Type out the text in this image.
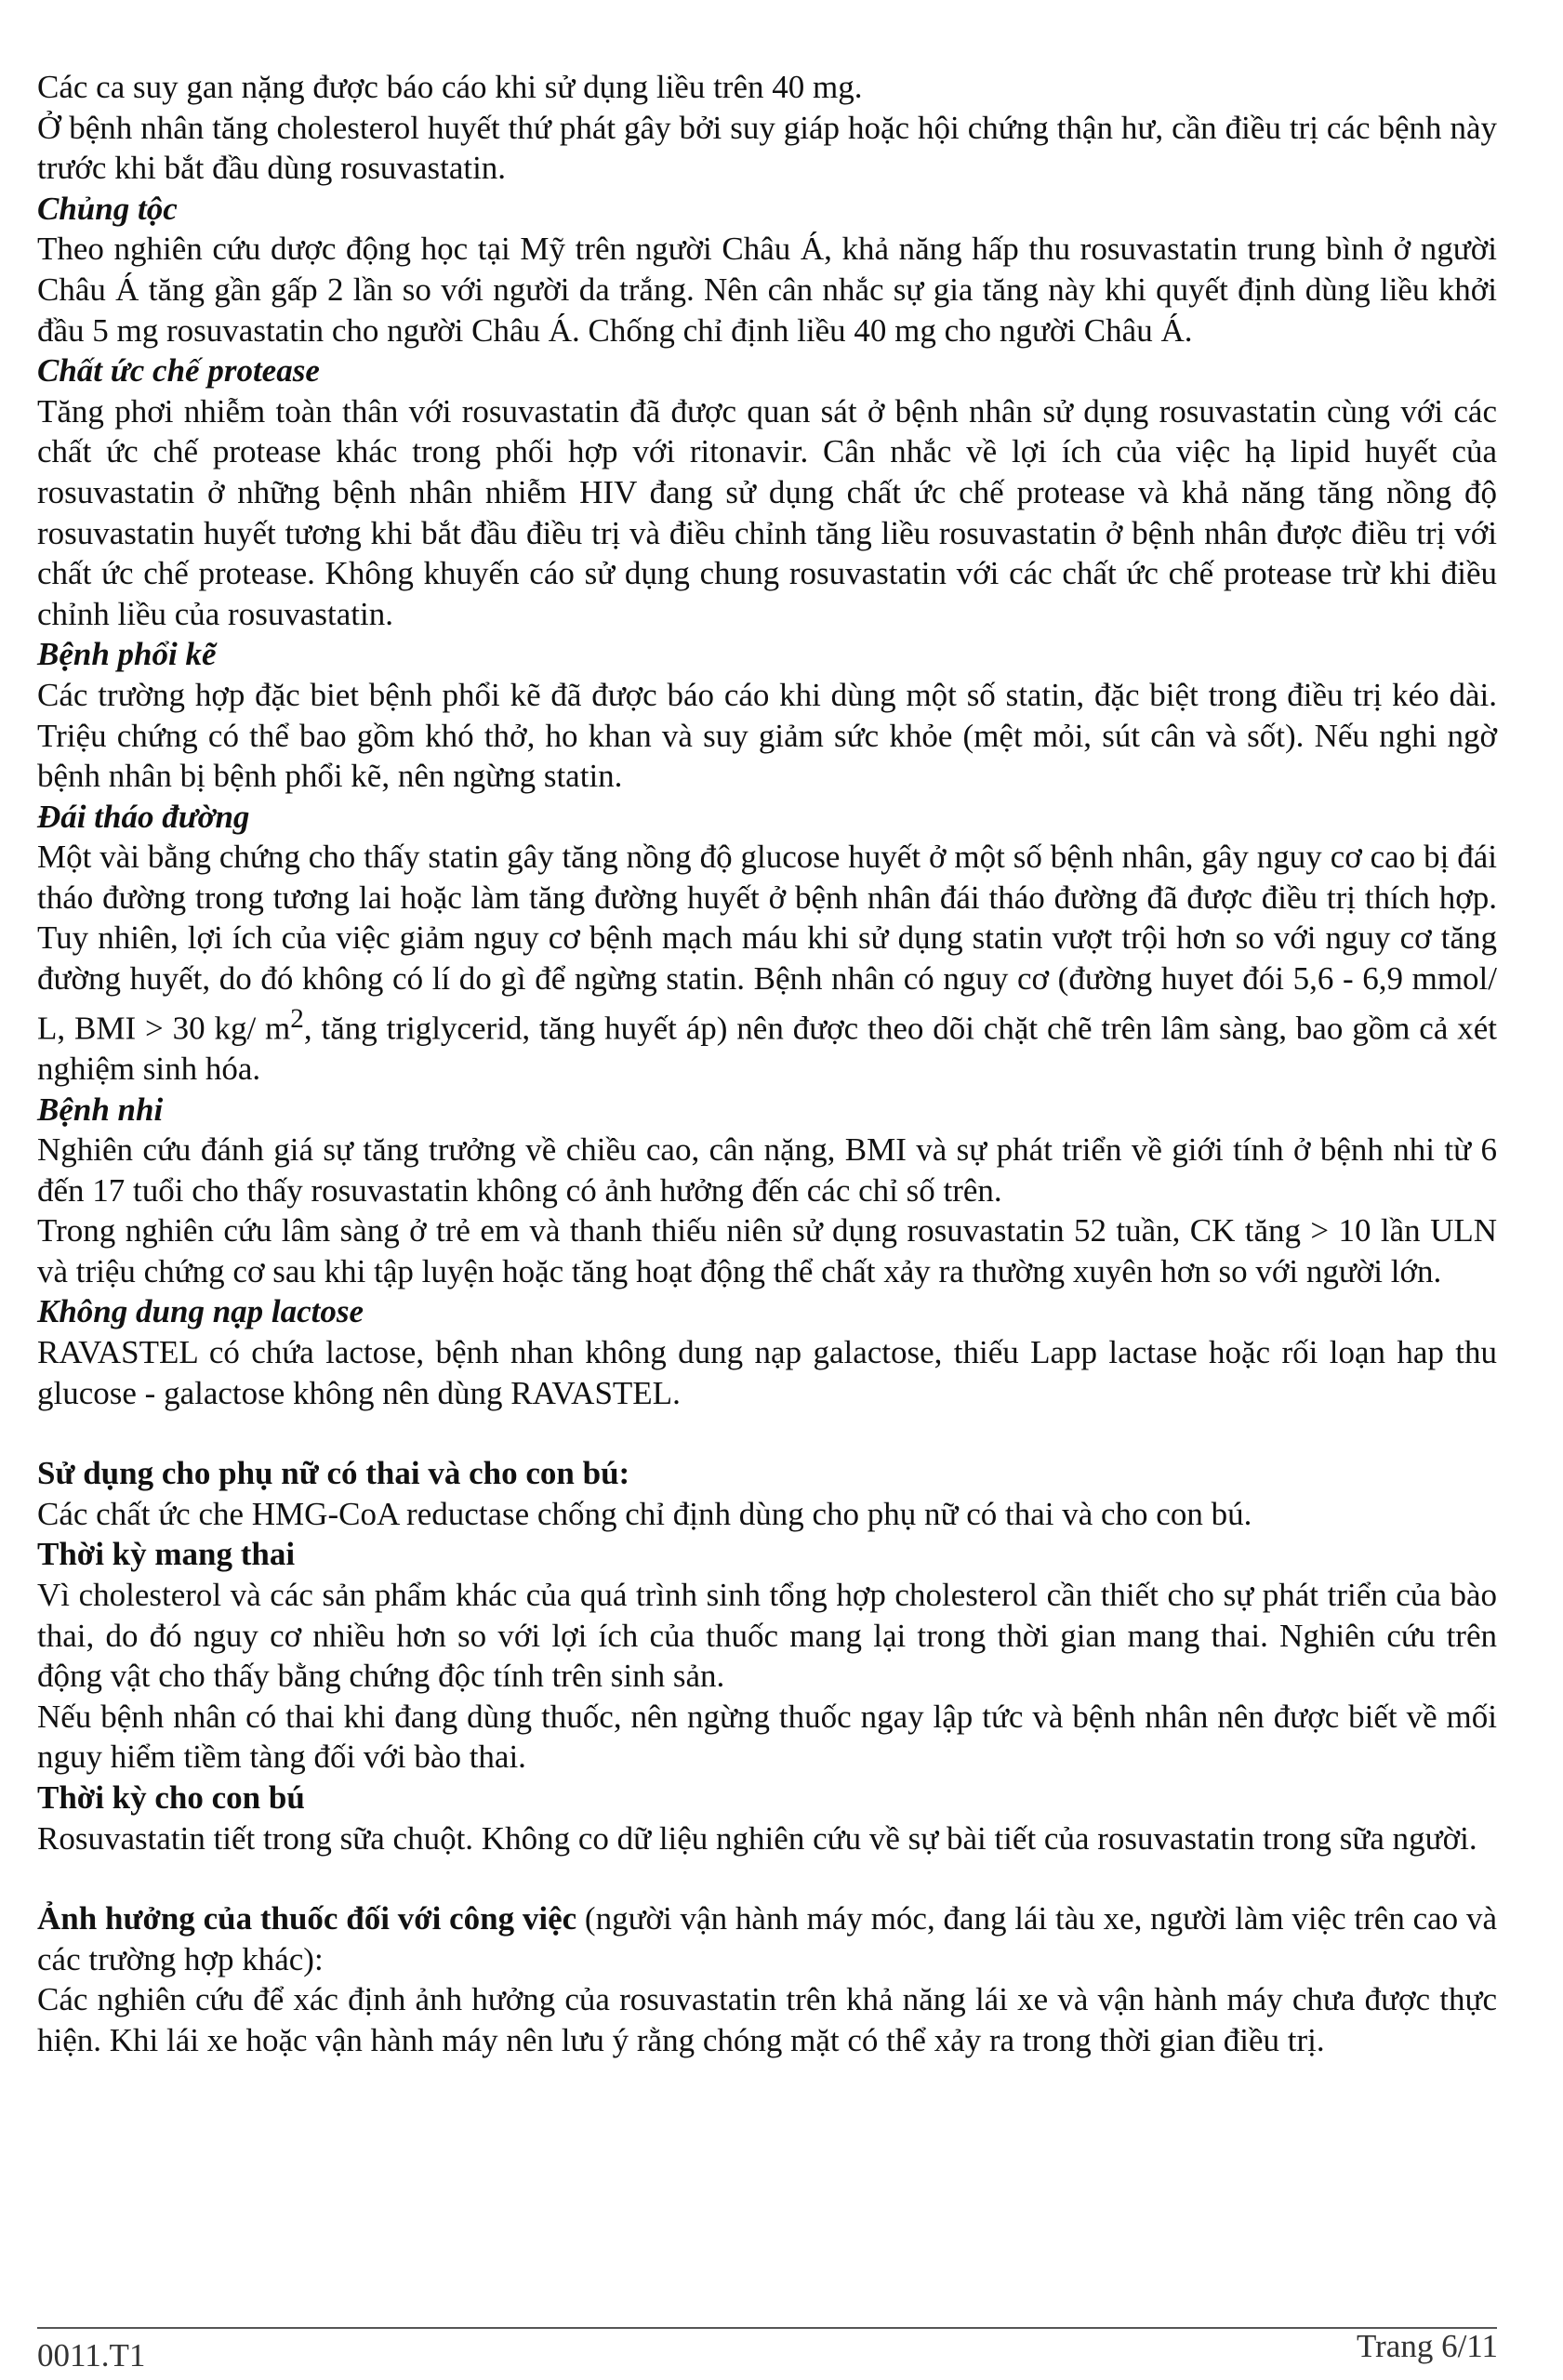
Các ca suy gan nặng được báo cáo khi sử dụng liều trên 40 mg.

Ở bệnh nhân tăng cholesterol huyết thứ phát gây bởi suy giáp hoặc hội chứng thận hư, cần điều trị các bệnh này trước khi bắt đầu dùng rosuvastatin.

Chủng tộc

Theo nghiên cứu dược động học tại Mỹ trên người Châu Á, khả năng hấp thu rosuvastatin trung bình ở người Châu Á tăng gần gấp 2 lần so với người da trắng. Nên cân nhắc sự gia tăng này khi quyết định dùng liều khởi đầu 5 mg rosuvastatin cho người Châu Á. Chống chỉ định liều 40 mg cho người Châu Á.

Chất ức chế protease

Tăng phơi nhiễm toàn thân với rosuvastatin đã được quan sát ở bệnh nhân sử dụng rosuvastatin cùng với các chất ức chế protease khác trong phối hợp với ritonavir. Cân nhắc về lợi ích của việc hạ lipid huyết của rosuvastatin ở những bệnh nhân nhiễm HIV đang sử dụng chất ức chế protease và khả năng tăng nồng độ rosuvastatin huyết tương khi bắt đầu điều trị và điều chỉnh tăng liều rosuvastatin ở bệnh nhân được điều trị với chất ức chế protease. Không khuyến cáo sử dụng chung rosuvastatin với các chất ức chế protease trừ khi điều chỉnh liều của rosuvastatin.

Bệnh phổi kẽ

Các trường hợp đặc biet bệnh phổi kẽ đã được báo cáo khi dùng một số statin, đặc biệt trong điều trị kéo dài. Triệu chứng có thể bao gồm khó thở, ho khan và suy giảm sức khỏe (mệt mỏi, sút cân và sốt). Nếu nghi ngờ bệnh nhân bị bệnh phổi kẽ, nên ngừng statin.

Đái tháo đường

Một vài bằng chứng cho thấy statin gây tăng nồng độ glucose huyết ở một số bệnh nhân, gây nguy cơ cao bị đái tháo đường trong tương lai hoặc làm tăng đường huyết ở bệnh nhân đái tháo đường đã được điều trị thích hợp. Tuy nhiên, lợi ích của việc giảm nguy cơ bệnh mạch máu khi sử dụng statin vượt trội hơn so với nguy cơ tăng đường huyết, do đó không có lí do gì để ngừng statin. Bệnh nhân có nguy cơ (đường huyet đói 5,6 - 6,9 mmol/ L, BMI > 30 kg/ $m^2$, tăng triglycerid, tăng huyết áp) nên được theo dõi chặt chẽ trên lâm sàng, bao gồm cả xét nghiệm sinh hóa.

Bệnh nhi

Nghiên cứu đánh giá sự tăng trưởng về chiều cao, cân nặng, BMI và sự phát triển về giới tính ở bệnh nhi từ 6 đến 17 tuổi cho thấy rosuvastatin không có ảnh hưởng đến các chỉ số trên.

Trong nghiên cứu lâm sàng ở trẻ em và thanh thiếu niên sử dụng rosuvastatin 52 tuần, CK tăng > 10 lần ULN và triệu chứng cơ sau khi tập luyện hoặc tăng hoạt động thể chất xảy ra thường xuyên hơn so với người lớn.

Không dung nạp lactose

RAVASTEL có chứa lactose, bệnh nhan không dung nạp galactose, thiếu Lapp lactase hoặc rối loạn hap thu glucose - galactose không nên dùng RAVASTEL.

Sử dụng cho phụ nữ có thai và cho con bú:

Các chất ức che HMG-CoA reductase chống chỉ định dùng cho phụ nữ có thai và cho con bú.

Thời kỳ mang thai

Vì cholesterol và các sản phẩm khác của quá trình sinh tổng hợp cholesterol cần thiết cho sự phát triển của bào thai, do đó nguy cơ nhiều hơn so với lợi ích của thuốc mang lại trong thời gian mang thai. Nghiên cứu trên động vật cho thấy bằng chứng độc tính trên sinh sản.

Nếu bệnh nhân có thai khi đang dùng thuốc, nên ngừng thuốc ngay lập tức và bệnh nhân nên được biết về mối nguy hiểm tiềm tàng đối với bào thai.

Thời kỳ cho con bú

Rosuvastatin tiết trong sữa chuột. Không co dữ liệu nghiên cứu về sự bài tiết của rosuvastatin trong sữa người.

Ảnh hưởng của thuốc đối với công việc (người vận hành máy móc, đang lái tàu xe, người làm việc trên cao và các trường hợp khác):

Các nghiên cứu để xác định ảnh hưởng của rosuvastatin trên khả năng lái xe và vận hành máy chưa được thực hiện. Khi lái xe hoặc vận hành máy nên lưu ý rằng chóng mặt có thể xảy ra trong thời gian điều trị.

0011.T1	Trang 6/11
